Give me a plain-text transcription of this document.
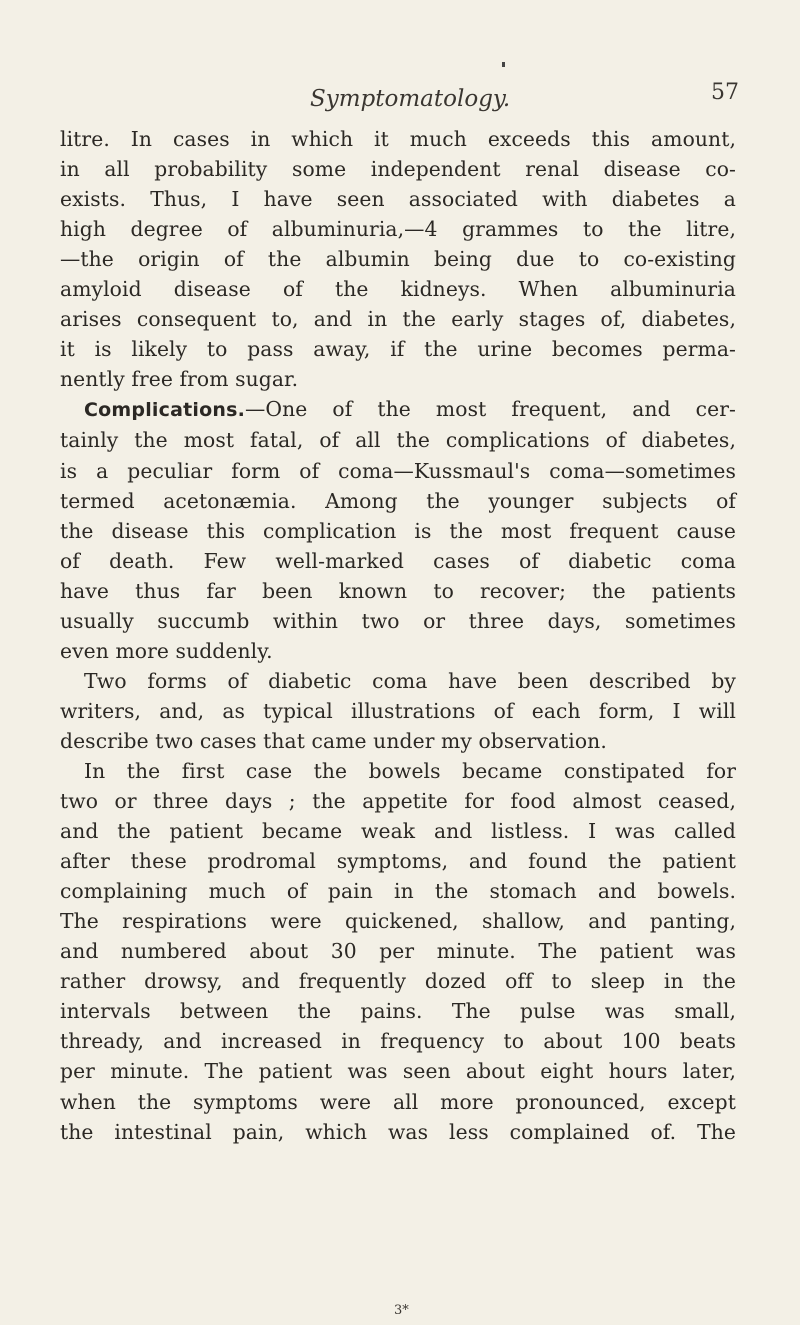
Symptomatology.	57
litre. In cases in which it much exceeds this amount,
in all probability some independent renal disease co-
exists. Thus, I have seen associated with diabetes a
high degree of albuminuria,—4 grammes to the litre,
—the origin of the albumin being due to co-existing
amyloid disease of the kidneys. When albuminuria
arises consequent to, and in the early stages of, diabetes,
it is likely to pass away, if the urine becomes perma-
nently free from sugar.
Complications.—One of the most frequent, and cer-
tainly the most fatal, of all the complications of diabetes,
is a peculiar form of coma—Kussmaul's coma—sometimes
termed acetonæmia. Among the younger subjects of
the disease this complication is the most frequent cause
of death. Few well-marked cases of diabetic coma
have thus far been known to recover; the patients
usually succumb within two or three days, sometimes
even more suddenly.
Two forms of diabetic coma have been described by
writers, and, as typical illustrations of each form, I will
describe two cases that came under my observation.
In the first case the bowels became constipated for
two or three days ; the appetite for food almost ceased,
and the patient became weak and listless. I was called
after these prodromal symptoms, and found the patient
complaining much of pain in the stomach and bowels.
The respirations were quickened, shallow, and panting,
and numbered about 30 per minute. The patient was
rather drowsy, and frequently dozed off to sleep in the
intervals between the pains. The pulse was small,
thready, and increased in frequency to about 100 beats
per minute. The patient was seen about eight hours later,
when the symptoms were all more pronounced, except
the intestinal pain, which was less complained of. The
3*
